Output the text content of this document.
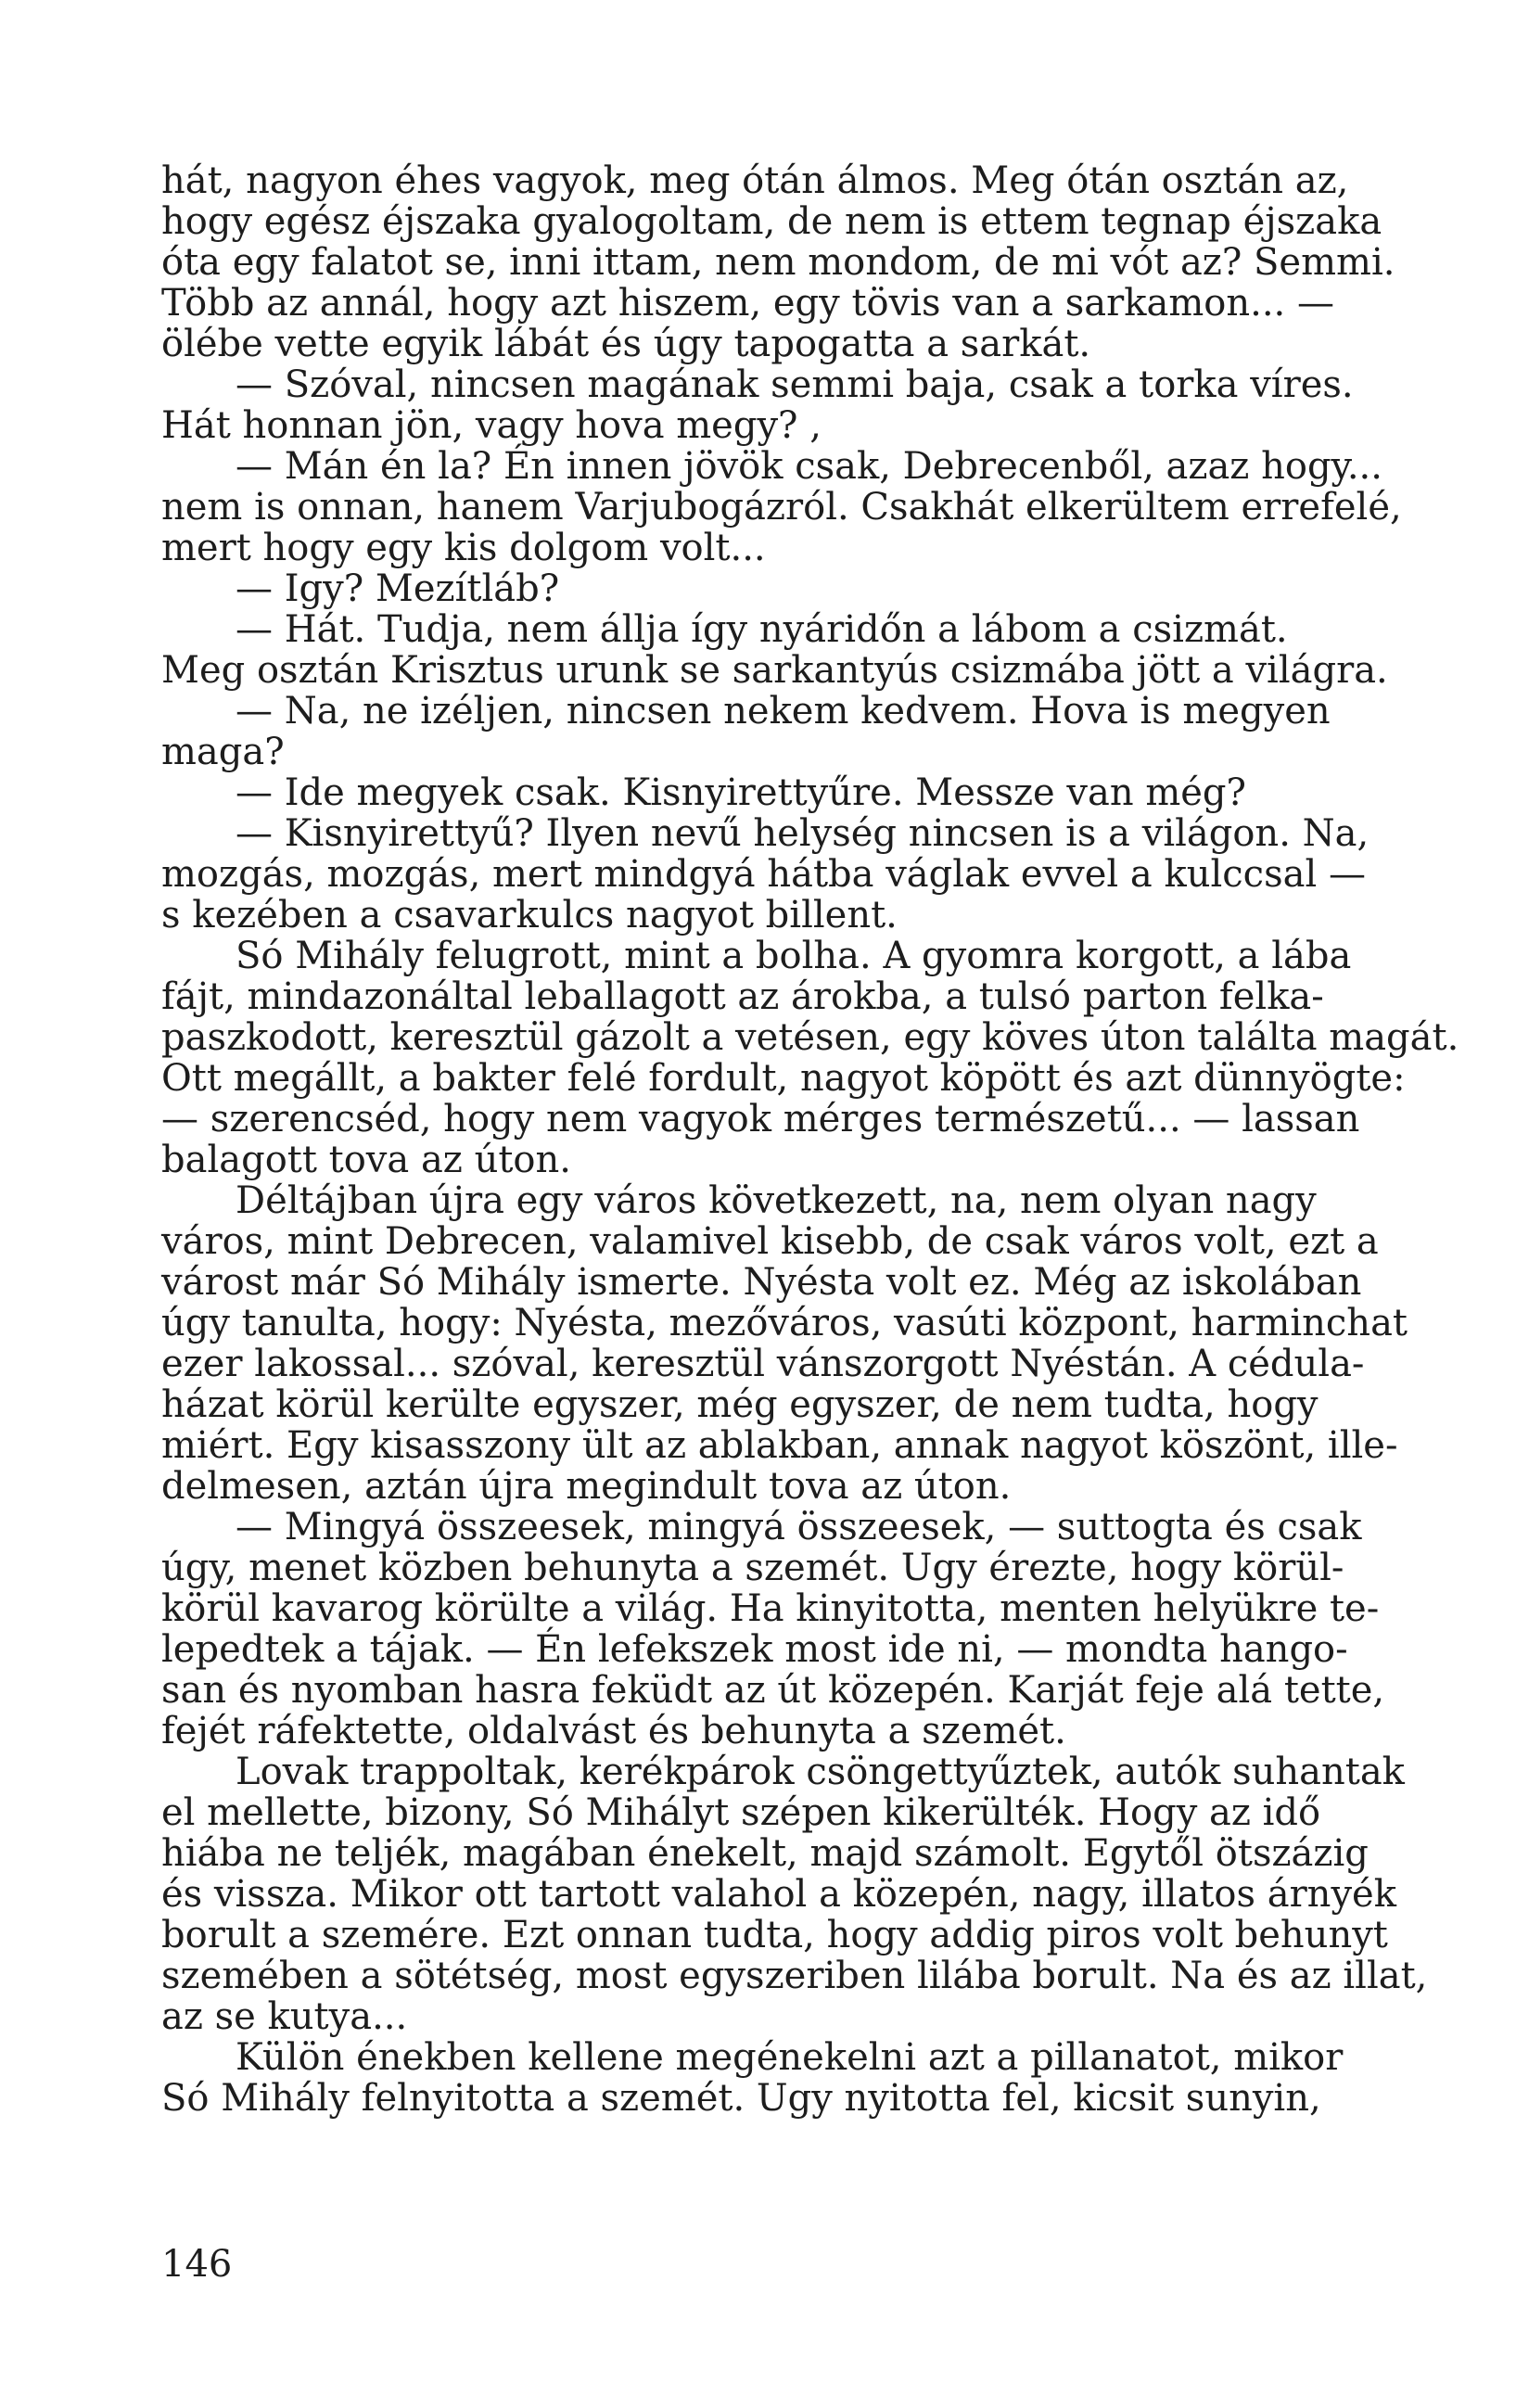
hát, nagyon éhes vagyok, meg ótán álmos. Meg ótán osztán az,
hogy egész éjszaka gyalogoltam, de nem is ettem tegnap éjszaka
óta egy falatot se, inni ittam, nem mondom, de mi vót az? Semmi.
Több az annál, hogy azt hiszem, egy tövis van a sarkamon... —
ölébe vette egyik lábát és úgy tapogatta a sarkát.
— Szóval, nincsen magának semmi baja, csak a torka víres.
Hát honnan jön, vagy hova megy? ,
— Mán én la? Én innen jövök csak, Debrecenből, azaz hogy...
nem is onnan, hanem Varjubogázról. Csakhát elkerültem errefelé,
mert hogy egy kis dolgom volt...
— Igy? Mezítláb?
— Hát. Tudja, nem állja így nyáridőn a lábom a csizmát.
Meg osztán Krisztus urunk se sarkantyús csizmába jött a világra.
— Na, ne izéljen, nincsen nekem kedvem. Hova is megyen
maga?
— Ide megyek csak. Kisnyirettyűre. Messze van még?
— Kisnyirettyű? Ilyen nevű helység nincsen is a világon. Na,
mozgás, mozgás, mert mindgyá hátba váglak evvel a kulccsal —
s kezében a csavarkulcs nagyot billent.
Só Mihály felugrott, mint a bolha. A gyomra korgott, a lába
fájt, mindazonáltal leballagott az árokba, a tulsó parton felka-
paszkodott, keresztül gázolt a vetésen, egy köves úton találta magát.
Ott megállt, a bakter felé fordult, nagyot köpött és azt dünnyögte:
— szerencséd, hogy nem vagyok mérges természetű... — lassan
balagott tova az úton.
Déltájban újra egy város következett, na, nem olyan nagy
város, mint Debrecen, valamivel kisebb, de csak város volt, ezt a
várost már Só Mihály ismerte. Nyésta volt ez. Még az iskolában
úgy tanulta, hogy: Nyésta, mezőváros, vasúti központ, harminchat
ezer lakossal... szóval, keresztül vánszorgott Nyéstán. A cédula-
házat körül kerülte egyszer, még egyszer, de nem tudta, hogy
miért. Egy kisasszony ült az ablakban, annak nagyot köszönt, ille-
delmesen, aztán újra megindult tova az úton.
— Mingyá összeesek, mingyá összeesek, — suttogta és csak
úgy, menet közben behunyta a szemét. Ugy érezte, hogy körül-
körül kavarog körülte a világ. Ha kinyitotta, menten helyükre te-
lepedtek a tájak. — Én lefekszek most ide ni, — mondta hango-
san és nyomban hasra feküdt az út közepén. Karját feje alá tette,
fejét ráfektette, oldalvást és behunyta a szemét.
Lovak trappoltak, kerékpárok csöngettyűztek, autók suhantak
el mellette, bizony, Só Mihályt szépen kikerülték. Hogy az idő
hiába ne teljék, magában énekelt, majd számolt. Egytől ötszázig
és vissza. Mikor ott tartott valahol a közepén, nagy, illatos árnyék
borult a szemére. Ezt onnan tudta, hogy addig piros volt behunyt
szemében a sötétség, most egyszeriben lilába borult. Na és az illat,
az se kutya...
Külön énekben kellene megénekelni azt a pillanatot, mikor
Só Mihály felnyitotta a szemét. Ugy nyitotta fel, kicsit sunyin,
146
